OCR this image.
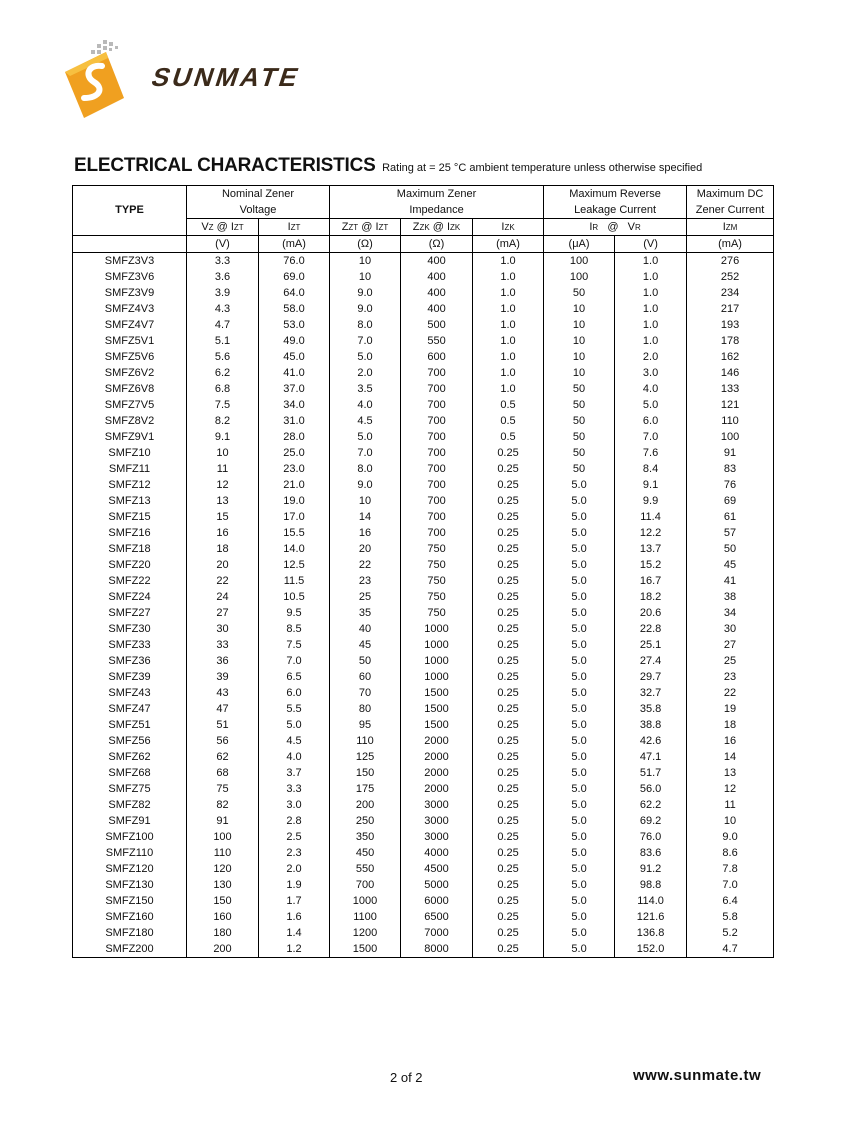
SUNMATE
ELECTRICAL CHARACTERISTICS Rating at = 25 °C ambient temperature unless otherwise specified
TYPE	Nominal Zener		Maximum Zener			Maximum Reverse		Maximum DC
	Voltage		Impedance			Leakage Current		Zener Current
	VZ @ IZT	IZT	ZZT @ IZT	ZZK @ IZK	IZK	IR   @   VR		IZM
	(V)	(mA)	(Ω)	(Ω)	(mA)	(μA)	(V)	(mA)
SMFZ3V3	3.3	76.0	10	400	1.0	100	1.0	276
SMFZ3V6	3.6	69.0	10	400	1.0	100	1.0	252
SMFZ3V9	3.9	64.0	9.0	400	1.0	50	1.0	234
SMFZ4V3	4.3	58.0	9.0	400	1.0	10	1.0	217
SMFZ4V7	4.7	53.0	8.0	500	1.0	10	1.0	193
SMFZ5V1	5.1	49.0	7.0	550	1.0	10	1.0	178
SMFZ5V6	5.6	45.0	5.0	600	1.0	10	2.0	162
SMFZ6V2	6.2	41.0	2.0	700	1.0	10	3.0	146
SMFZ6V8	6.8	37.0	3.5	700	1.0	50	4.0	133
SMFZ7V5	7.5	34.0	4.0	700	0.5	50	5.0	121
SMFZ8V2	8.2	31.0	4.5	700	0.5	50	6.0	110
SMFZ9V1	9.1	28.0	5.0	700	0.5	50	7.0	100
SMFZ10	10	25.0	7.0	700	0.25	50	7.6	91
SMFZ11	11	23.0	8.0	700	0.25	50	8.4	83
SMFZ12	12	21.0	9.0	700	0.25	5.0	9.1	76
SMFZ13	13	19.0	10	700	0.25	5.0	9.9	69
SMFZ15	15	17.0	14	700	0.25	5.0	11.4	61
SMFZ16	16	15.5	16	700	0.25	5.0	12.2	57
SMFZ18	18	14.0	20	750	0.25	5.0	13.7	50
SMFZ20	20	12.5	22	750	0.25	5.0	15.2	45
SMFZ22	22	11.5	23	750	0.25	5.0	16.7	41
SMFZ24	24	10.5	25	750	0.25	5.0	18.2	38
SMFZ27	27	9.5	35	750	0.25	5.0	20.6	34
SMFZ30	30	8.5	40	1000	0.25	5.0	22.8	30
SMFZ33	33	7.5	45	1000	0.25	5.0	25.1	27
SMFZ36	36	7.0	50	1000	0.25	5.0	27.4	25
SMFZ39	39	6.5	60	1000	0.25	5.0	29.7	23
SMFZ43	43	6.0	70	1500	0.25	5.0	32.7	22
SMFZ47	47	5.5	80	1500	0.25	5.0	35.8	19
SMFZ51	51	5.0	95	1500	0.25	5.0	38.8	18
SMFZ56	56	4.5	110	2000	0.25	5.0	42.6	16
SMFZ62	62	4.0	125	2000	0.25	5.0	47.1	14
SMFZ68	68	3.7	150	2000	0.25	5.0	51.7	13
SMFZ75	75	3.3	175	2000	0.25	5.0	56.0	12
SMFZ82	82	3.0	200	3000	0.25	5.0	62.2	11
SMFZ91	91	2.8	250	3000	0.25	5.0	69.2	10
SMFZ100	100	2.5	350	3000	0.25	5.0	76.0	9.0
SMFZ110	110	2.3	450	4000	0.25	5.0	83.6	8.6
SMFZ120	120	2.0	550	4500	0.25	5.0	91.2	7.8
SMFZ130	130	1.9	700	5000	0.25	5.0	98.8	7.0
SMFZ150	150	1.7	1000	6000	0.25	5.0	114.0	6.4
SMFZ160	160	1.6	1100	6500	0.25	5.0	121.6	5.8
SMFZ180	180	1.4	1200	7000	0.25	5.0	136.8	5.2
SMFZ200	200	1.2	1500	8000	0.25	5.0	152.0	4.7
2 of 2	www.sunmate.tw
